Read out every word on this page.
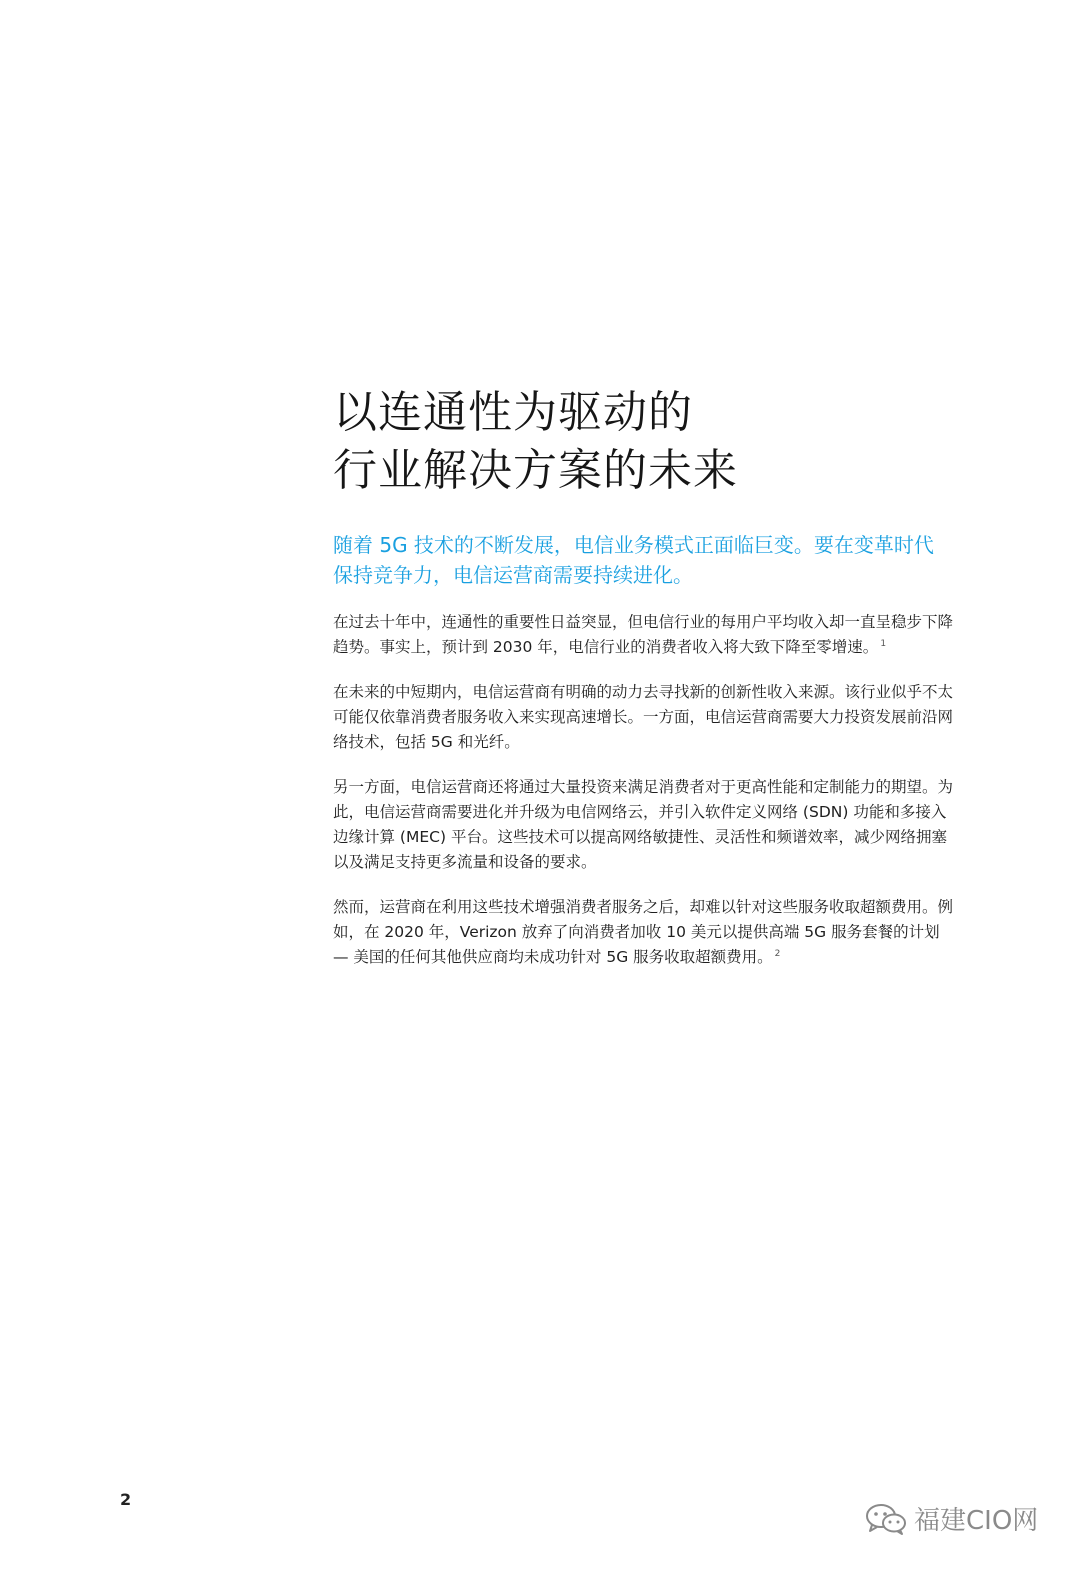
以连通性为驱动的
行业解决方案的未来

随着 5G 技术的不断发展，电信业务模式正面临巨变。要在变革时代保持竞争力，电信运营商需要持续进化。

在过去十年中，连通性的重要性日益突显，但电信行业的每用户平均收入却一直呈稳步下降趋势。事实上，预计到 2030 年，电信行业的消费者收入将大致下降至零增速。 $^1$

在未来的中短期内，电信运营商有明确的动力去寻找新的创新性收入来源。该行业似乎不太可能仅依靠消费者服务收入来实现高速增长。一方面，电信运营商需要大力投资发展前沿网络技术，包括 5G 和光纤。

另一方面，电信运营商还将通过大量投资来满足消费者对于更高性能和定制能力的期望。为此，电信运营商需要进化并升级为电信网络云，并引入软件定义网络 (SDN) 功能和多接入边缘计算 (MEC) 平台。这些技术可以提高网络敏捷性、灵活性和频谱效率，减少网络拥塞以及满足支持更多流量和设备的要求。

然而，运营商在利用这些技术增强消费者服务之后，却难以针对这些服务收取超额费用。例如，在 2020 年，Verizon 放弃了向消费者加收 10 美元以提供高端 5G 服务套餐的计划 — 美国的任何其他供应商均未成功针对 5G 服务收取超额费用。 $^2$

2
福建CIO网
